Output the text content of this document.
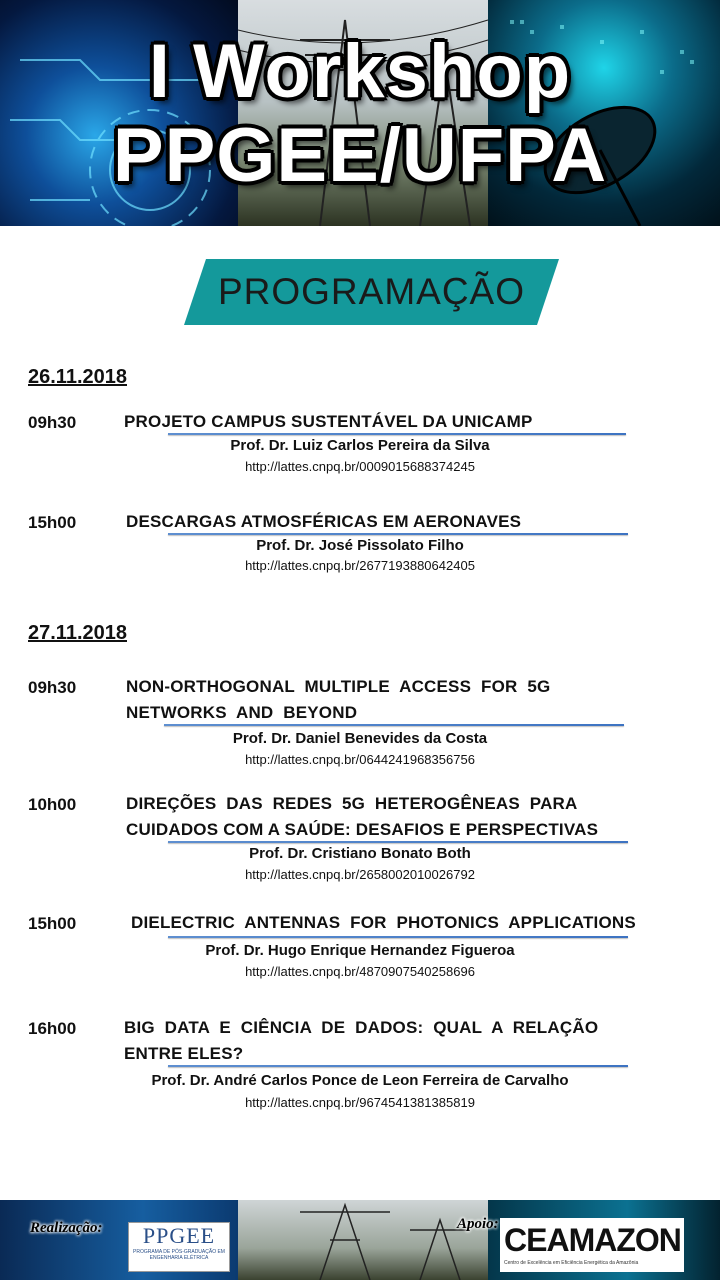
I Workshop
PPGEE/UFPA
PROGRAMAÇÃO
26.11.2018
09h30	PROJETO CAMPUS SUSTENTÁVEL DA UNICAMP
Prof. Dr. Luiz Carlos Pereira da Silva
http://lattes.cnpq.br/0009015688374245
15h00	DESCARGAS ATMOSFÉRICAS EM AERONAVES
Prof. Dr. José Pissolato Filho
http://lattes.cnpq.br/2677193880642405
27.11.2018
09h30	NON-ORTHOGONAL  MULTIPLE  ACCESS  FOR  5G
NETWORKS  AND  BEYOND
Prof. Dr. Daniel Benevides da Costa
http://lattes.cnpq.br/0644241968356756
10h00	DIREÇÕES  DAS  REDES  5G  HETEROGÊNEAS  PARA
CUIDADOS COM A SAÚDE: DESAFIOS E PERSPECTIVAS
Prof. Dr. Cristiano Bonato Both
http://lattes.cnpq.br/2658002010026792
15h00	DIELECTRIC  ANTENNAS  FOR  PHOTONICS  APPLICATIONS
Prof. Dr. Hugo Enrique Hernandez Figueroa
http://lattes.cnpq.br/4870907540258696
16h00	BIG  DATA  E  CIÊNCIA  DE  DADOS:  QUAL  A  RELAÇÃO
ENTRE ELES?
Prof. Dr. André Carlos Ponce de Leon Ferreira de Carvalho
http://lattes.cnpq.br/9674541381385819
Realização:	PPGEE
PROGRAMA DE PÓS-GRADUAÇÃO EM ENGENHARIA ELÉTRICA
Apoio: CEAMAZON
Centro de Excelência em Eficiência Energética da Amazônia
